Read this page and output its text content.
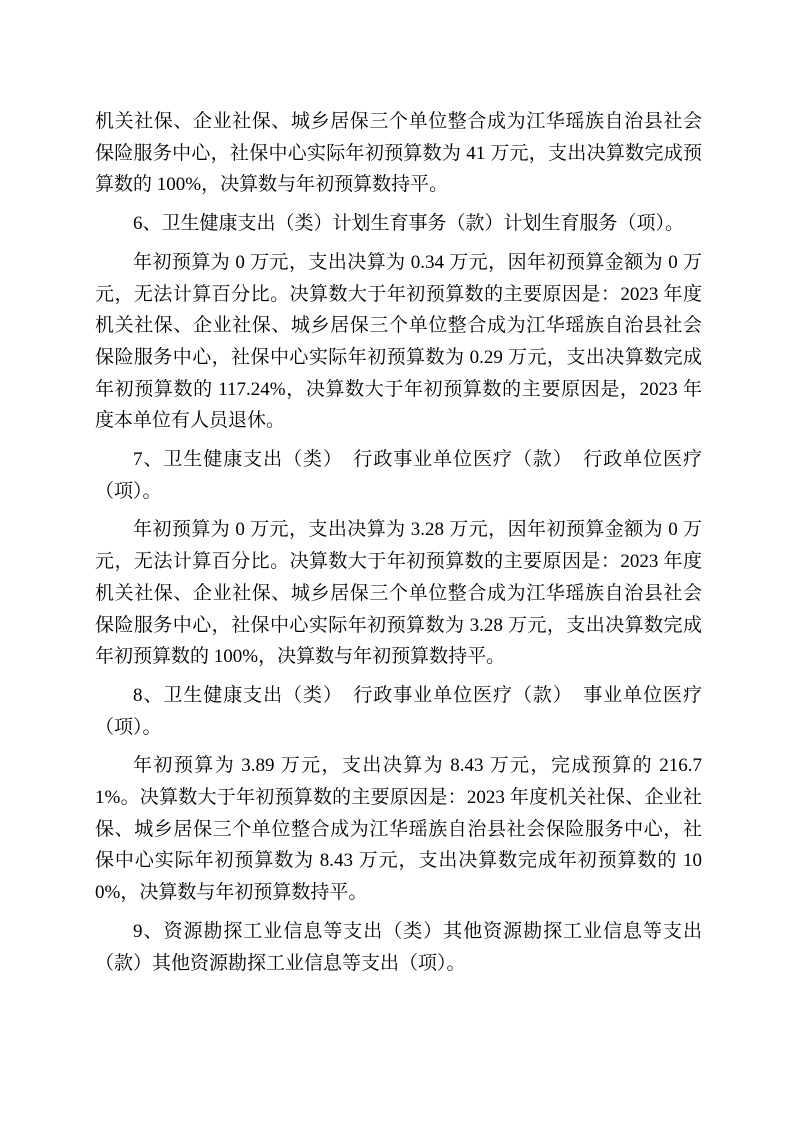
机关社保、企业社保、城乡居保三个单位整合成为江华瑶族自治县社会保险服务中心，社保中心实际年初预算数为 41 万元，支出决算数完成预算数的 100%，决算数与年初预算数持平。

6、卫生健康支出（类）计划生育事务（款）计划生育服务（项）。

年初预算为 0 万元，支出决算为 0.34 万元，因年初预算金额为 0 万元，无法计算百分比。决算数大于年初预算数的主要原因是：2023 年度机关社保、企业社保、城乡居保三个单位整合成为江华瑶族自治县社会保险服务中心，社保中心实际年初预算数为 0.29 万元，支出决算数完成年初预算数的 117.24%，决算数大于年初预算数的主要原因是，2023 年度本单位有人员退休。

7、卫生健康支出（类）　行政事业单位医疗（款）　行政单位医疗（项）。

年初预算为 0 万元，支出决算为 3.28 万元，因年初预算金额为 0 万元，无法计算百分比。决算数大于年初预算数的主要原因是：2023 年度机关社保、企业社保、城乡居保三个单位整合成为江华瑶族自治县社会保险服务中心，社保中心实际年初预算数为 3.28 万元，支出决算数完成年初预算数的 100%，决算数与年初预算数持平。

8、卫生健康支出（类）　行政事业单位医疗（款）　事业单位医疗（项）。

年初预算为 3.89 万元，支出决算为 8.43 万元，完成预算的 216.71%。决算数大于年初预算数的主要原因是：2023 年度机关社保、企业社保、城乡居保三个单位整合成为江华瑶族自治县社会保险服务中心，社保中心实际年初预算数为 8.43 万元，支出决算数完成年初预算数的 100%，决算数与年初预算数持平。

9、资源勘探工业信息等支出（类）其他资源勘探工业信息等支出（款）其他资源勘探工业信息等支出（项）。
